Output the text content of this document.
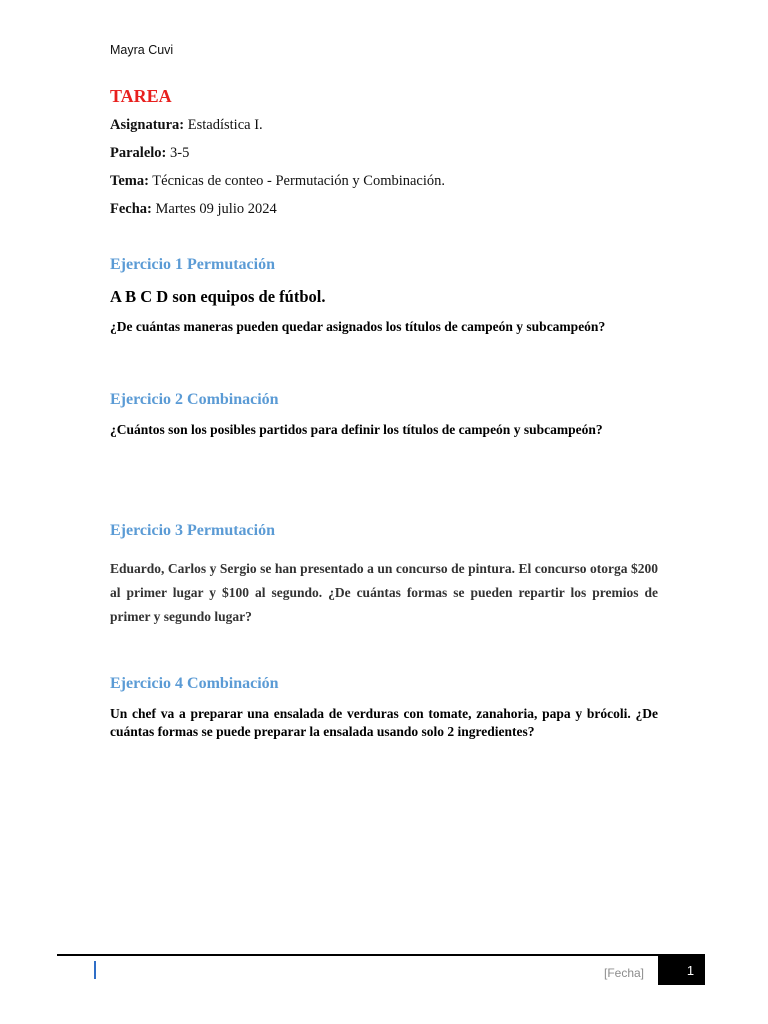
Mayra Cuvi
TAREA
Asignatura: Estadística I.
Paralelo: 3-5
Tema: Técnicas de conteo - Permutación y Combinación.
Fecha: Martes 09 julio 2024
Ejercicio 1 Permutación
A B C D son equipos de fútbol.
¿De cuántas maneras pueden quedar asignados los títulos de campeón y subcampeón?
Ejercicio 2 Combinación
¿Cuántos son los posibles partidos para definir los títulos de campeón y subcampeón?
Ejercicio 3 Permutación
Eduardo, Carlos y Sergio se han presentado a un concurso de pintura. El concurso otorga $200 al primer lugar y $100 al segundo. ¿De cuántas formas se pueden repartir los premios de primer y segundo lugar?
Ejercicio 4 Combinación
Un chef va a preparar una ensalada de verduras con tomate, zanahoria, papa y brócoli. ¿De cuántas formas se puede preparar la ensalada usando solo 2 ingredientes?
[Fecha]	1
